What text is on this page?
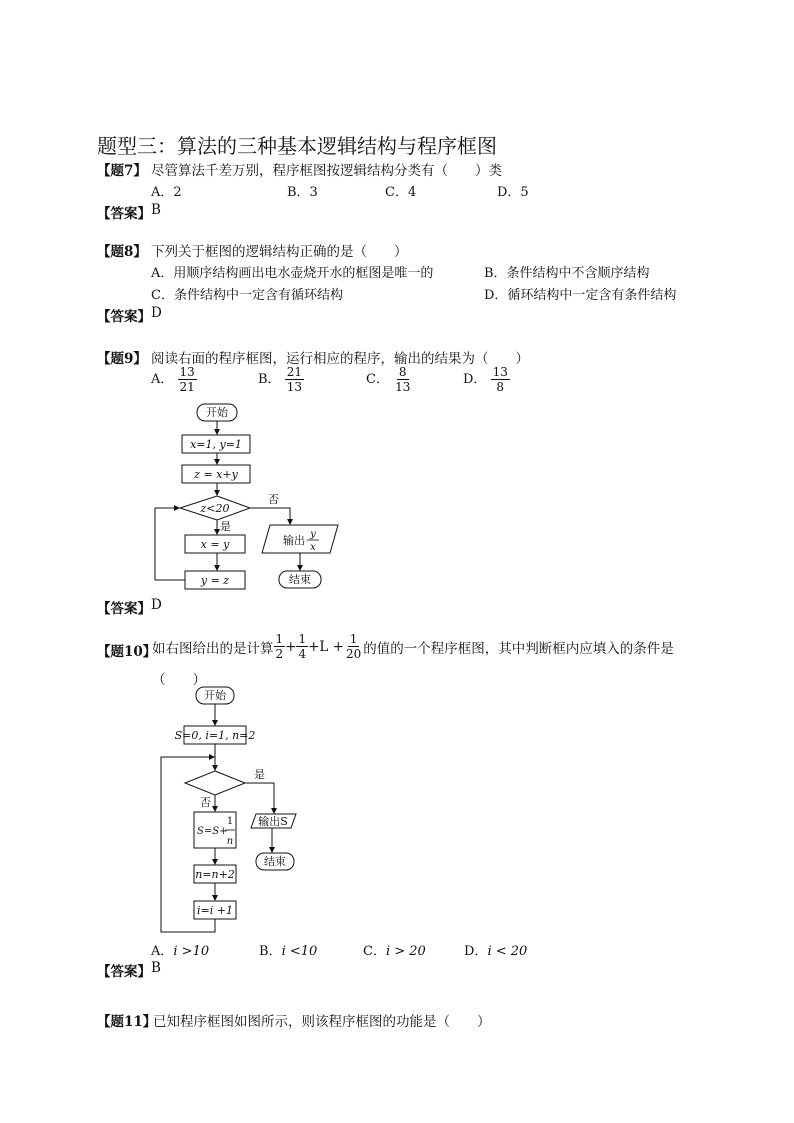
题型三：算法的三种基本逻辑结构与程序框图
【题7】 尽管算法千差万别，程序框图按逻辑结构分类有（　　）类
A．2	B．3	C．4	D．5
【答案】 B
【题8】 下列关于框图的逻辑结构正确的是（　　）
A．用顺序结构画出电水壶烧开水的框图是唯一的	B．条件结构中不含顺序结构
C．条件结构中一定含有循环结构	D．循环结构中一定含有条件结构
【答案】 D
【题9】 阅读右面的程序框图，运行相应的程序，输出的结果为（　　）
A． $\frac{13}{21}$	B． $\frac{21}{13}$	C． $\frac{8}{13}$	D． $\frac{13}{8}$
开始
x=1, y=1
z = x+y
z<20
是
否
x = y
y = z
输出 y
x
结束
【答案】 D
【题10】
如右图给出的是计算 $\frac{1}{2} + \frac{1}{4} +L + \frac{1}{20}$ 的值的一个程序框图，其中判断框内应填入的条件是
（　　）
开始
S=0, i=1, n=2
是
否
S=S+
1
n
输出S
结束
n=n+2
i=i +1
A．i >10	B．i <10	C．i > 20	D．i < 20
【答案】 B
【题11】
已知程序框图如图所示，则该程序框图的功能是（　　）
